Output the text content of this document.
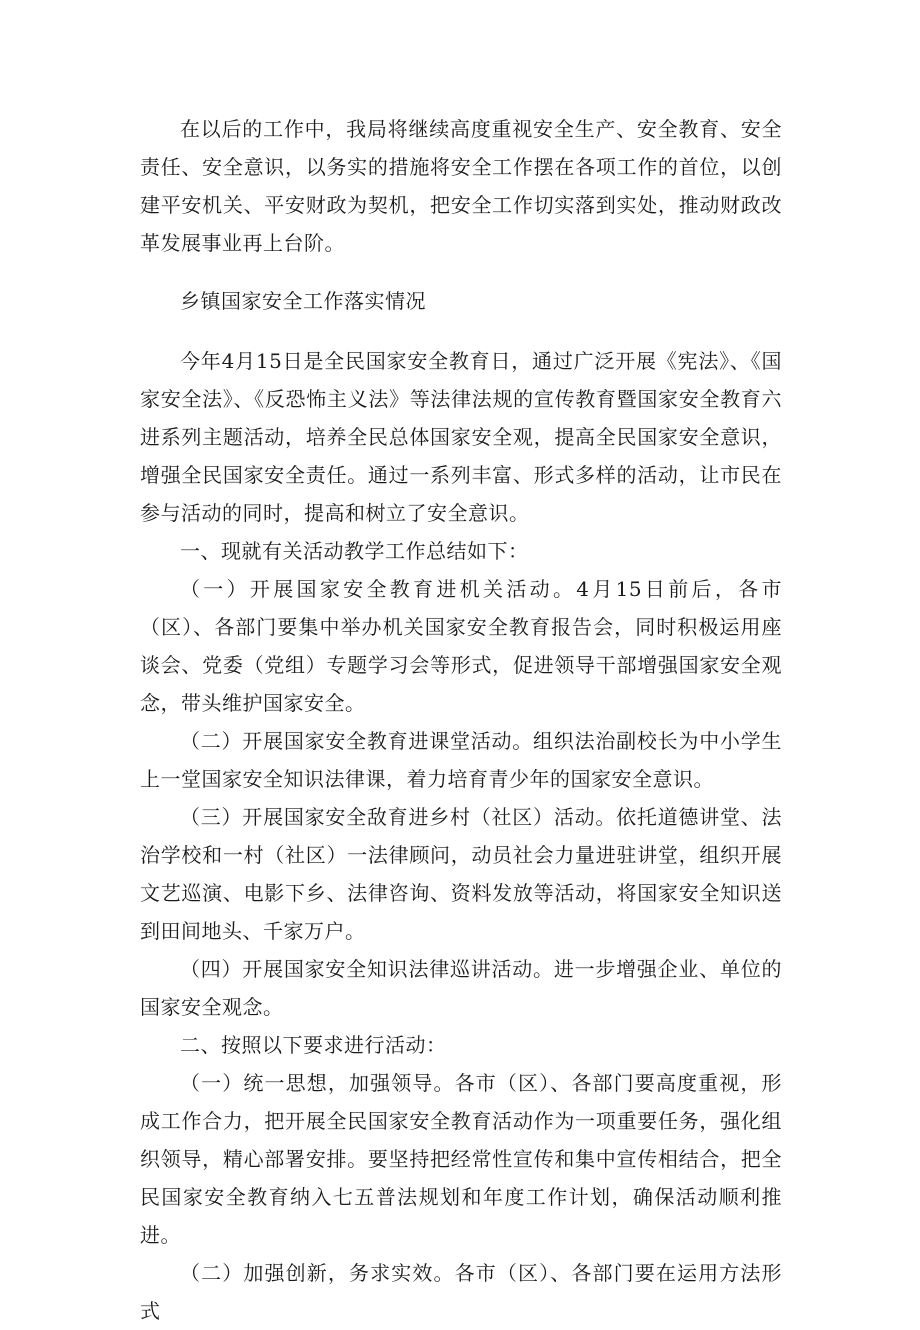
在以后的工作中，我局将继续高度重视安全生产、安全教育、安全责任、安全意识，以务实的措施将安全工作摆在各项工作的首位，以创建平安机关、平安财政为契机，把安全工作切实落到实处，推动财政改革发展事业再上台阶。

乡镇国家安全工作落实情况

今年4月15日是全民国家安全教育日，通过广泛开展《宪法》、《国家安全法》、《反恐怖主义法》等法律法规的宣传教育暨国家安全教育六进系列主题活动，培养全民总体国家安全观，提高全民国家安全意识，增强全民国家安全责任。通过一系列丰富、形式多样的活动，让市民在参与活动的同时，提高和树立了安全意识。

一、现就有关活动教学工作总结如下：

（一）开展国家安全教育进机关活动。4月15日前后，各市（区）、各部门要集中举办机关国家安全教育报告会，同时积极运用座谈会、党委（党组）专题学习会等形式，促进领导干部增强国家安全观念，带头维护国家安全。

（二）开展国家安全教育进课堂活动。组织法治副校长为中小学生上一堂国家安全知识法律课，着力培育青少年的国家安全意识。

（三）开展国家安全敌育进乡村（社区）活动。依托道德讲堂、法治学校和一村（社区）一法律顾问，动员社会力量进驻讲堂，组织开展文艺巡演、电影下乡、法律咨询、资料发放等活动，将国家安全知识送到田间地头、千家万户。

（四）开展国家安全知识法律巡讲活动。进一步增强企业、单位的国家安全观念。

二、按照以下要求进行活动：

（一）统一思想，加强领导。各市（区）、各部门要高度重视，形成工作合力，把开展全民国家安全教育活动作为一项重要任务，强化组织领导，精心部署安排。要坚持把经常性宣传和集中宣传相结合，把全民国家安全教育纳入七五普法规划和年度工作计划，确保活动顺利推进。

（二）加强创新，务求实效。各市（区）、各部门要在运用方法形式
